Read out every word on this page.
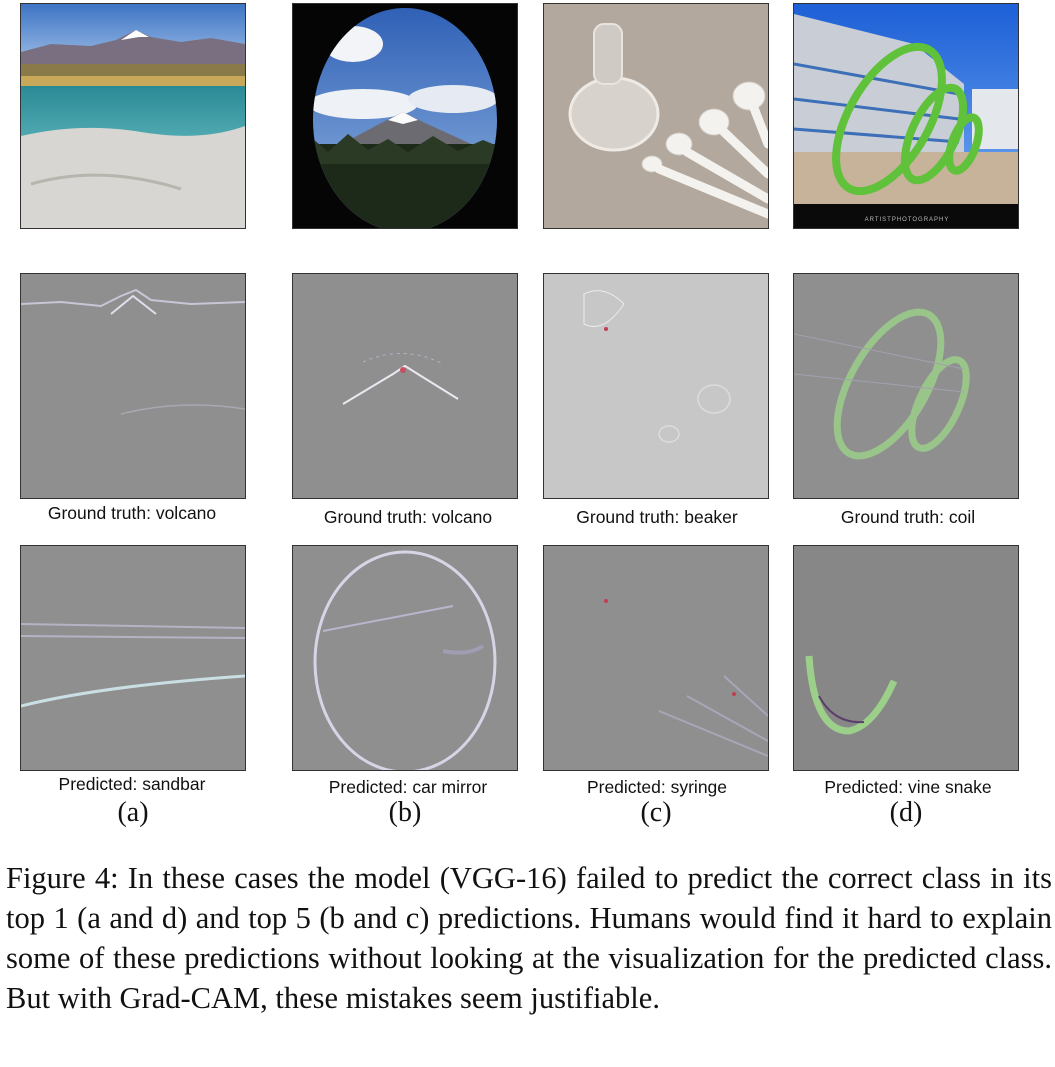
ARTISTPHOTOGRAPHY
Ground truth: volcano	Ground truth: volcano	Ground truth: beaker	Ground truth: coil
Predicted: sandbar	Predicted: car mirror	Predicted: syringe	Predicted: vine snake
(a)	(b)	(c)	(d)

Figure 4: In these cases the model (VGG-16) failed to predict the correct class in its top 1 (a and d) and top 5 (b and c) predictions. Humans would find it hard to explain some of these predictions without looking at the visualization for the predicted class. But with Grad-CAM, these mistakes seem justifiable.
